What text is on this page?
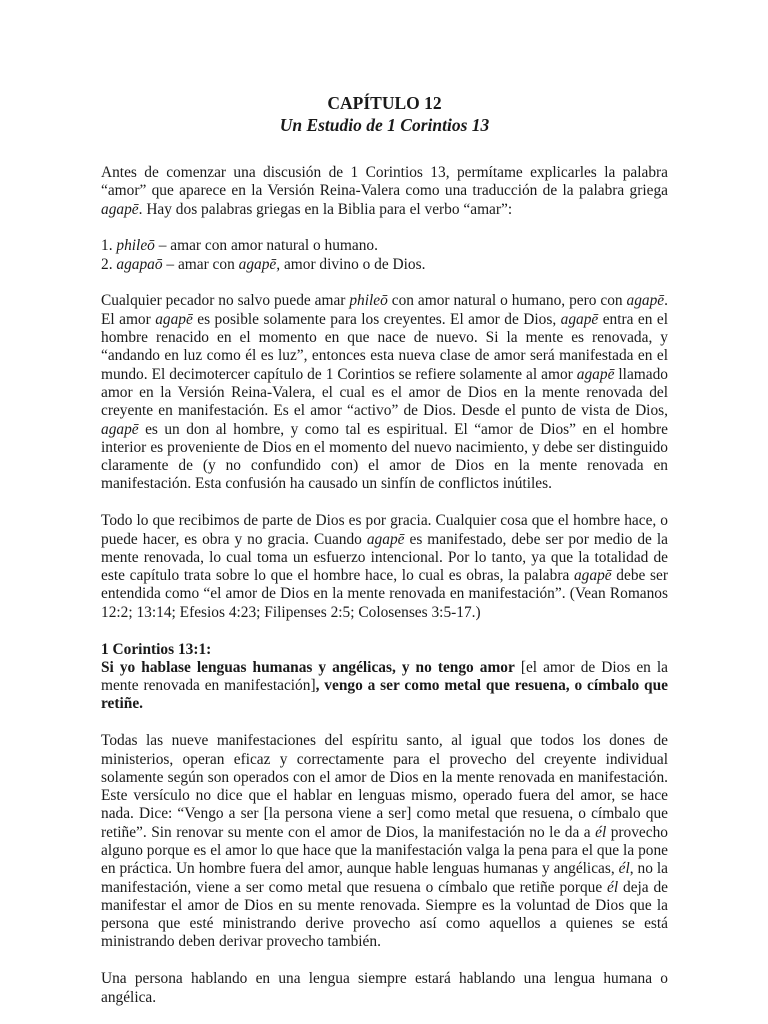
CAPÍTULO 12
Un Estudio de 1 Corintios 13

Antes de comenzar una discusión de 1 Corintios 13, permítame explicarles la palabra “amor” que aparece en la Versión Reina-Valera como una traducción de la palabra griega agapē. Hay dos palabras griegas en la Biblia para el verbo “amar”:

1. phileō – amar con amor natural o humano.

2. agapaō – amar con agapē, amor divino o de Dios.

Cualquier pecador no salvo puede amar phileō con amor natural o humano, pero con agapē. El amor agapē es posible solamente para los creyentes. El amor de Dios, agapē entra en el hombre renacido en el momento en que nace de nuevo. Si la mente es renovada, y “andando en luz como él es luz”, entonces esta nueva clase de amor será manifestada en el mundo. El decimotercer capítulo de 1 Corintios se refiere solamente al amor agapē llamado amor en la Versión Reina-Valera, el cual es el amor de Dios en la mente renovada del creyente en manifestación. Es el amor “activo” de Dios. Desde el punto de vista de Dios, agapē es un don al hombre, y como tal es espiritual. El “amor de Dios” en el hombre interior es proveniente de Dios en el momento del nuevo nacimiento, y debe ser distinguido claramente de (y no confundido con) el amor de Dios en la mente renovada en manifestación. Esta confusión ha causado un sinfín de conflictos inútiles.

Todo lo que recibimos de parte de Dios es por gracia. Cualquier cosa que el hombre hace, o puede hacer, es obra y no gracia. Cuando agapē es manifestado, debe ser por medio de la mente renovada, lo cual toma un esfuerzo intencional. Por lo tanto, ya que la totalidad de este capítulo trata sobre lo que el hombre hace, lo cual es obras, la palabra agapē debe ser entendida como “el amor de Dios en la mente renovada en manifestación”. (Vean Romanos 12:2; 13:14; Efesios 4:23; Filipenses 2:5; Colosenses 3:5-17.)

1 Corintios 13:1:
Si yo hablase lenguas humanas y angélicas, y no tengo amor [el amor de Dios en la mente renovada en manifestación], vengo a ser como metal que resuena, o címbalo que retiñe.

Todas las nueve manifestaciones del espíritu santo, al igual que todos los dones de ministerios, operan eficaz y correctamente para el provecho del creyente individual solamente según son operados con el amor de Dios en la mente renovada en manifestación. Este versículo no dice que el hablar en lenguas mismo, operado fuera del amor, se hace nada. Dice: “Vengo a ser [la persona viene a ser] como metal que resuena, o címbalo que retiñe”. Sin renovar su mente con el amor de Dios, la manifestación no le da a él provecho alguno porque es el amor lo que hace que la manifestación valga la pena para el que la pone en práctica. Un hombre fuera del amor, aunque hable lenguas humanas y angélicas, él, no la manifestación, viene a ser como metal que resuena o címbalo que retiñe porque él deja de manifestar el amor de Dios en su mente renovada. Siempre es la voluntad de Dios que la persona que esté ministrando derive provecho así como aquellos a quienes se está ministrando deben derivar provecho también.

Una persona hablando en una lengua siempre estará hablando una lengua humana o angélica.
